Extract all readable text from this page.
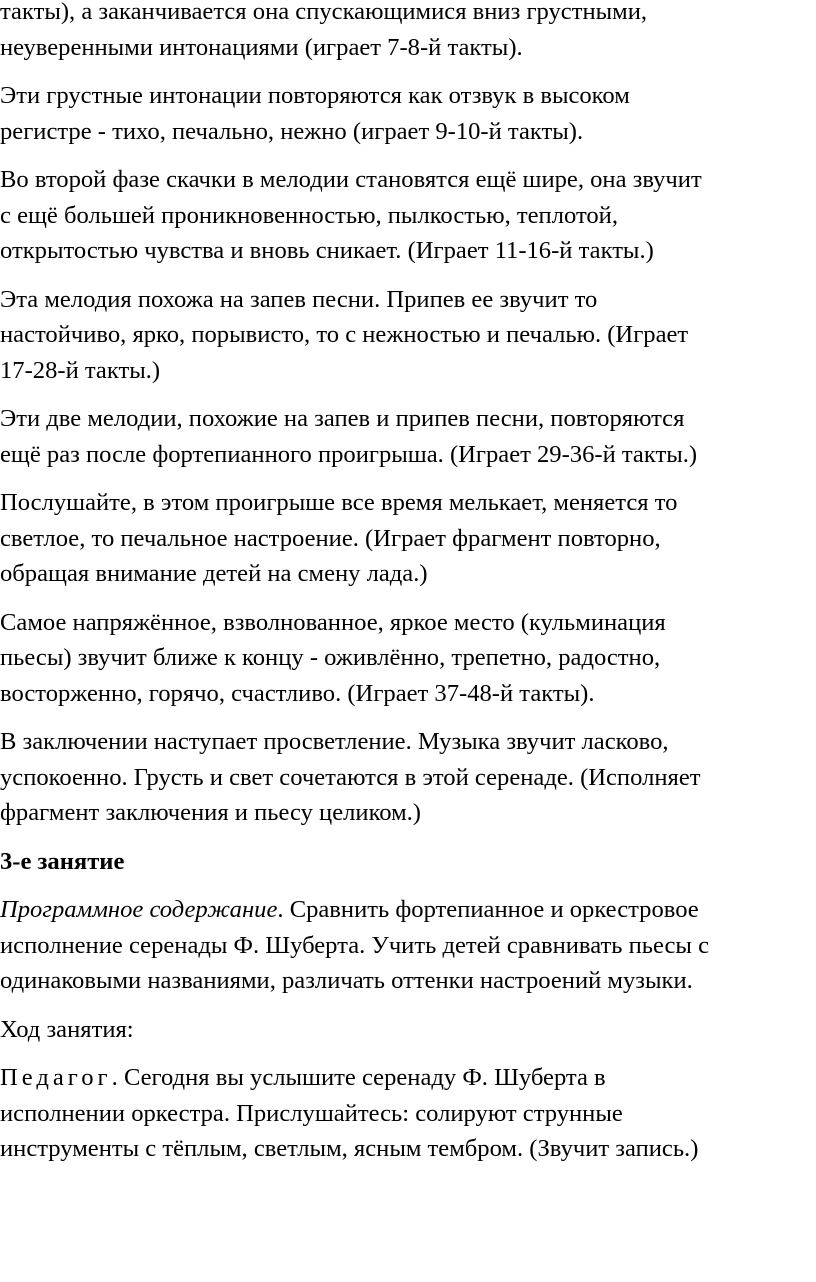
такты), а заканчивается она спускающимися вниз грустными,
неуверенными интонациями (играет 7-8-й такты).

Эти грустные интонации повторяются как отзвук в высоком
регистре - тихо, печально, нежно (играет 9-10-й такты).

Во второй фазе скачки в мелодии становятся ещё шире, она звучит
с ещё большей проникновенностью, пылкостью, теплотой,
открытостью чувства и вновь сникает. (Играет 11-16-й такты.)

Эта мелодия похожа на запев песни. Припев ее звучит то
настойчиво, ярко, порывисто, то с нежностью и печалью. (Играет
17-28-й такты.)

Эти две мелодии, похожие на запев и припев песни, повторяются
ещё раз после фортепианного проигрыша. (Играет 29-36-й такты.)

Послушайте, в этом проигрыше все время мелькает, меняется то
светлое, то печальное настроение. (Играет фрагмент повторно,
обращая внимание детей на смену лада.)

Самое напряжённое, взволнованное, яркое место (кульминация
пьесы) звучит ближе к концу - оживлённо, трепетно, радостно,
восторженно, горячо, счастливо. (Играет 37-48-й такты).

В заключении наступает просветление. Музыка звучит ласково,
успокоенно. Грусть и свет сочетаются в этой серенаде. (Исполняет
фрагмент заключения и пьесу целиком.)

3-е занятие

Программное содержание. Сравнить фортепианное и оркестровое
исполнение серенады Ф. Шуберта. Учить детей сравнивать пьесы с
одинаковыми названиями, различать оттенки настроений музыки.

Ход занятия:

Педагог. Сегодня вы услышите серенаду Ф. Шуберта в
исполнении оркестра. Прислушайтесь: солируют струнные
инструменты с тёплым, светлым, ясным тембром. (Звучит запись.)
